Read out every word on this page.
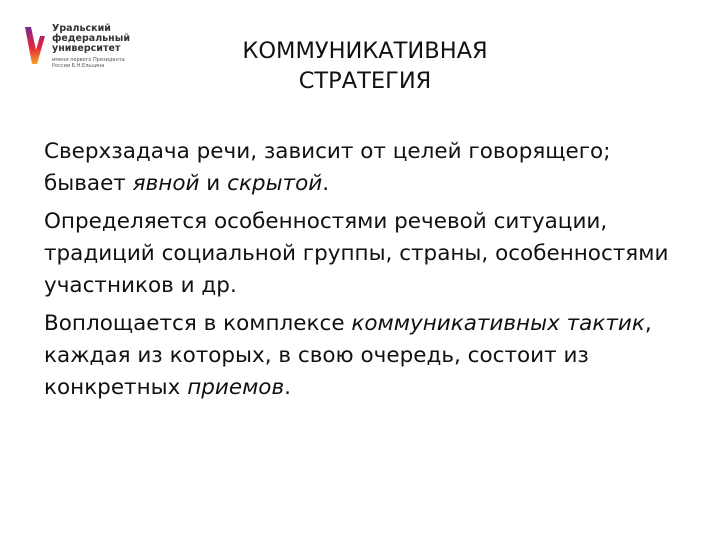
Уральский
федеральный
университет
имени первого Президента
России Б.Н.Ельцина
КОММУНИКАТИВНАЯ
СТРАТЕГИЯ

Сверхзадача речи, зависит от целей говорящего; бывает явной и скрытой.

Определяется особенностями речевой ситуации, традиций социальной группы, страны, особенностями участников и др.

Воплощается в комплексе коммуникативных тактик, каждая из которых, в свою очередь, состоит из конкретных приемов.
